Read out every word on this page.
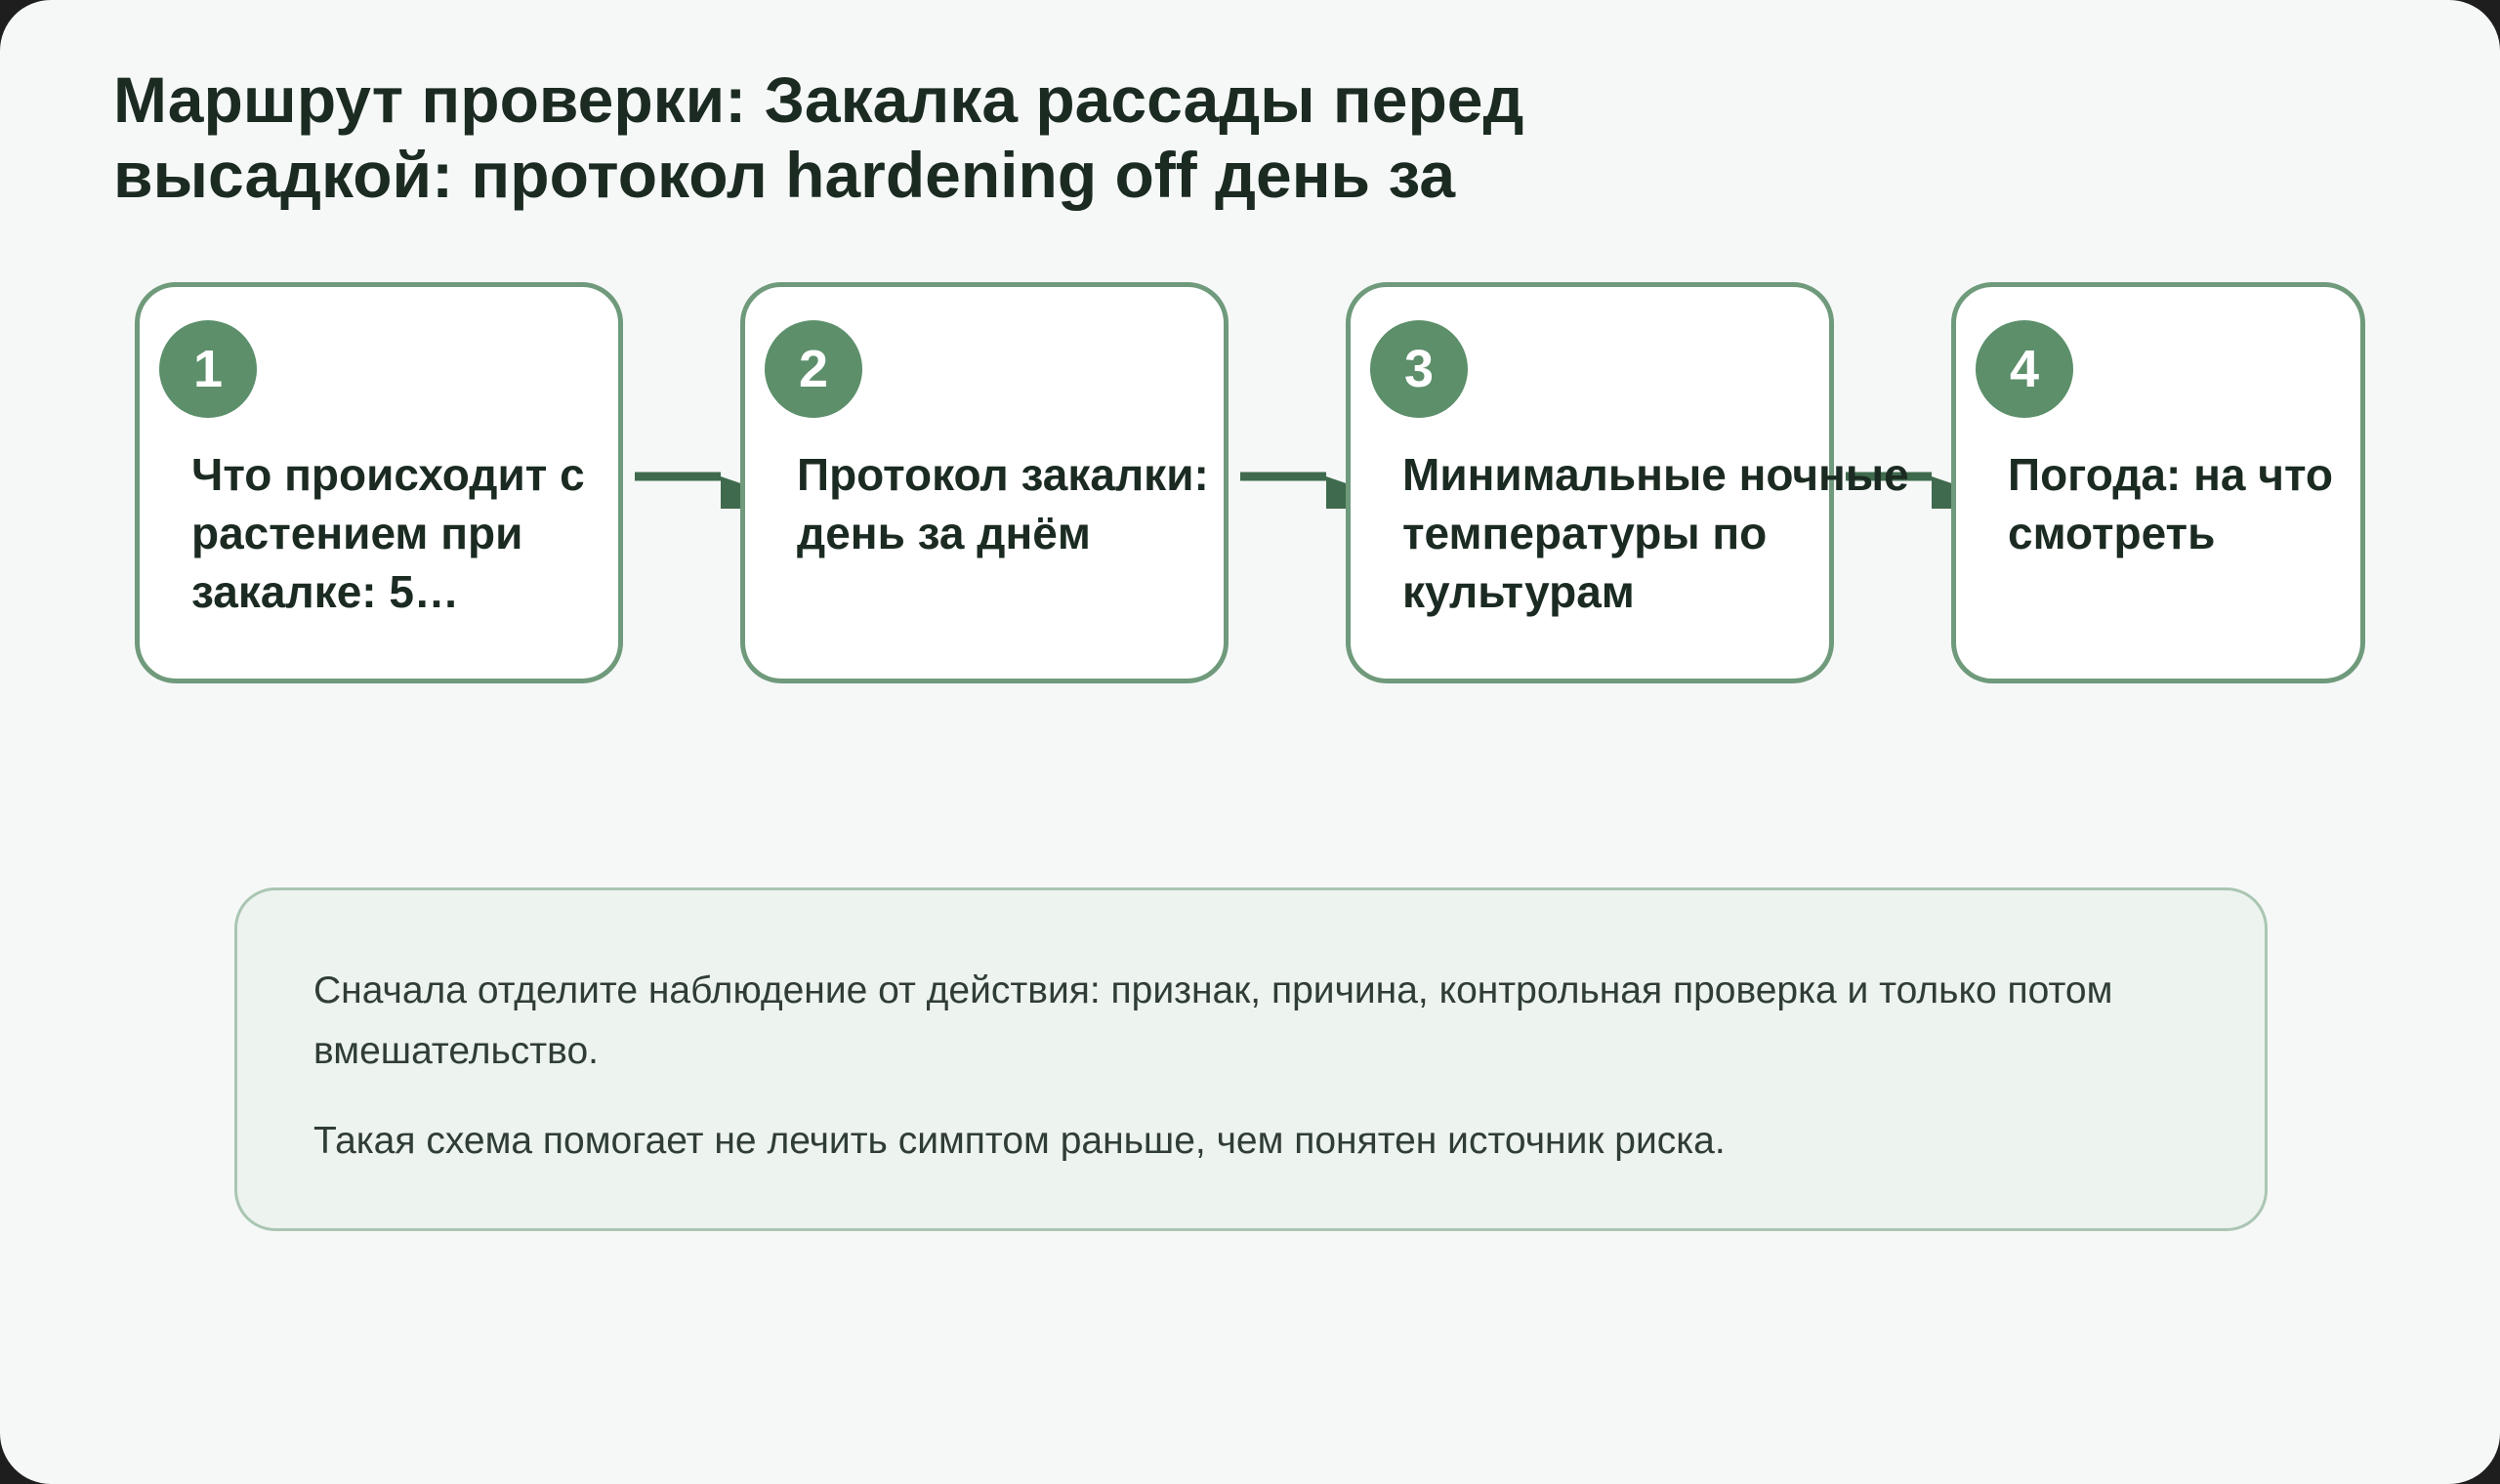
Маршрут проверки: Закалка рассады перед высадкой: протокол hardening off день за
1
Что происходит с
растением при
закалке: 5…
2
Протокол закалки:
день за днём
3
Минимальные ночные
температуры по
культурам
4
Погода: на что
смотреть

Сначала отделите наблюдение от действия: признак, причина, контрольная проверка и только потом вмешательство.

Такая схема помогает не лечить симптом раньше, чем понятен источник риска.
